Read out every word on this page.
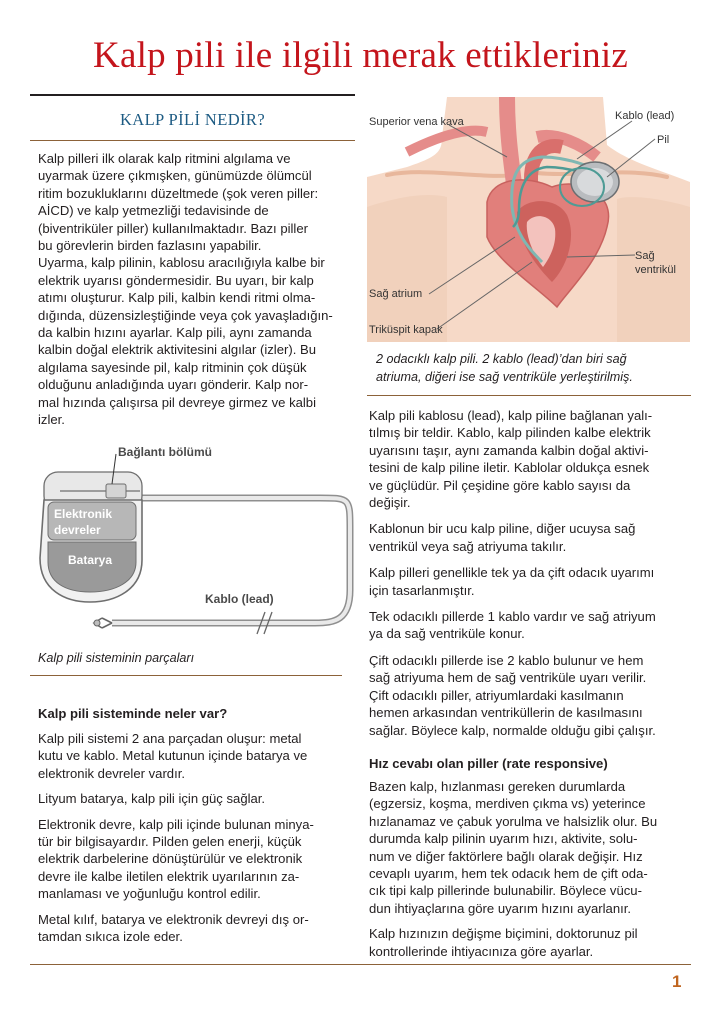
Kalp pili ile ilgili merak ettikleriniz
KALP PİLİ NEDİR?

Kalp pilleri ilk olarak kalp ritmini algılama ve

uyarmak üzere çıkmışken, günümüzde ölümcül

ritim bozukluklarını düzeltmede (şok veren piller:

AİCD) ve kalp yetmezliği tedavisinde de

(biventriküler piller) kullanılmaktadır. Bazı piller

bu görevlerin birden fazlasını yapabilir.

Uyarma, kalp pilinin, kablosu aracılığıyla kalbe bir

elektrik uyarısı göndermesidir. Bu uyarı, bir kalp

atımı oluşturur. Kalp pili, kalbin kendi ritmi olma-

dığında, düzensizleştiğinde veya çok yavaşladığın-

da kalbin hızını ayarlar. Kalp pili, aynı zamanda

kalbin doğal elektrik aktivitesini algılar (izler). Bu

algılama sayesinde pil, kalp ritminin çok düşük

olduğunu anladığında uyarı gönderir. Kalp nor-

mal hızında çalışırsa pil devreye girmez ve kalbi

izler.

Bağlantı bölümü
Elektronik
devreler
Batarya
Kablo (lead)
Kalp pili sisteminin parçaları
Kalp pili sisteminde neler var?

Kalp pili sistemi 2 ana parçadan oluşur: metal

kutu ve kablo. Metal kutunun içinde batarya ve

elektronik devreler vardır.

Lityum batarya, kalp pili için güç sağlar.

Elektronik devre, kalp pili içinde bulunan minya-

tür bir bilgisayardır. Pilden gelen enerji, küçük

elektrik darbelerine dönüştürülür ve elektronik

devre ile kalbe iletilen elektrik uyarılarının za-

manlaması ve yoğunluğu kontrol edilir.

Metal kılıf, batarya ve elektronik devreyi dış or-

tamdan sıkıca izole eder.

Superior vena kava	Kablo (lead)
Pil
Sağ
ventrikül
Sağ atrium
Triküspit kapak
2 odacıklı kalp pili. 2 kablo (lead)’dan biri sağ
atriuma, diğeri ise sağ ventriküle yerleştirilmiş.

Kalp pili kablosu (lead), kalp piline bağlanan yalı-

tılmış bir teldir. Kablo, kalp pilinden kalbe elektrik

uyarısını taşır, aynı zamanda kalbin doğal aktivi-

tesini de kalp piline iletir. Kablolar oldukça esnek

ve güçlüdür. Pil çeşidine göre kablo sayısı da

değişir.

Kablonun bir ucu kalp piline, diğer ucuysa sağ

ventrikül veya sağ atriyuma takılır.

Kalp pilleri genellikle tek ya da çift odacık uyarımı

için tasarlanmıştır.

Tek odacıklı pillerde 1 kablo vardır ve sağ atriyum

ya da sağ ventriküle konur.

Çift odacıklı pillerde ise 2 kablo bulunur ve hem

sağ atriyuma hem de sağ ventriküle uyarı verilir.

Çift odacıklı piller, atriyumlardaki kasılmanın

hemen arkasından ventriküllerin de kasılmasını

sağlar. Böylece kalp, normalde olduğu gibi çalışır.

Hız cevabı olan piller (rate responsive)

Bazen kalp, hızlanması gereken durumlarda

(egzersiz, koşma, merdiven çıkma vs) yeterince

hızlanamaz ve çabuk yorulma ve halsizlik olur. Bu

durumda kalp pilinin uyarım hızı, aktivite, solu-

num ve diğer faktörlere bağlı olarak değişir. Hız

cevaplı uyarım, hem tek odacık hem de çift oda-

cık tipi kalp pillerinde bulunabilir. Böylece vücu-

dun ihtiyaçlarına göre uyarım hızını ayarlanır.

Kalp hızınızın değişme biçimini, doktorunuz pil

kontrollerinde ihtiyacınıza göre ayarlar.

1
